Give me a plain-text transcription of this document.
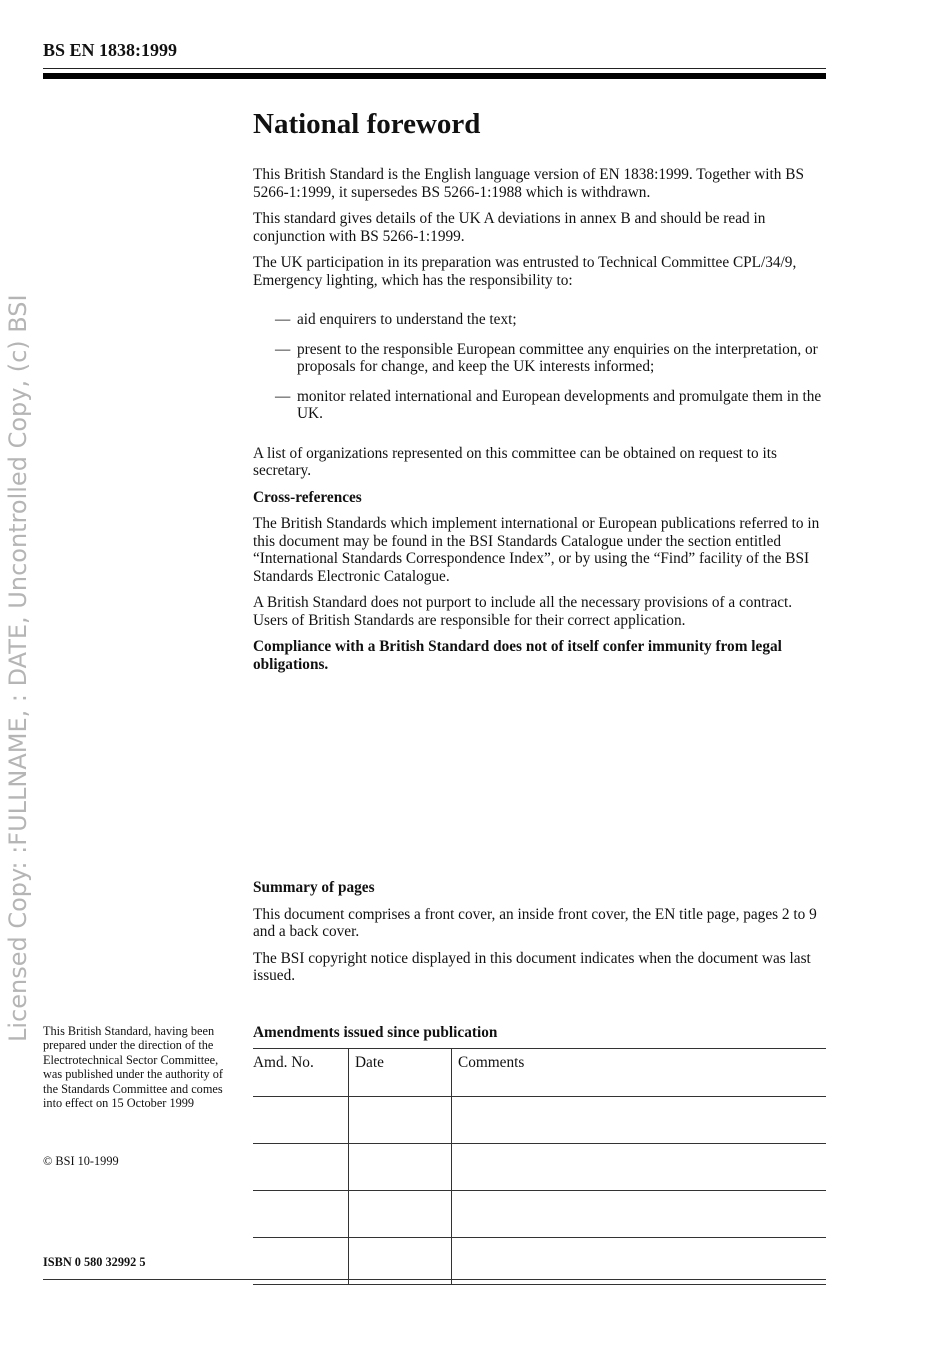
BS EN 1838:1999
Licensed Copy: :FULLNAME, : DATE, Uncontrolled Copy, (c) BSI
National foreword

This British Standard is the English language version of EN 1838:1999. Together with BS 5266-1:1999, it supersedes BS 5266-1:1988 which is withdrawn.

This standard gives details of the UK A deviations in annex B and should be read in conjunction with BS 5266-1:1999.

The UK participation in its preparation was entrusted to Technical Committee CPL/34/9, Emergency lighting, which has the responsibility to:

— aid enquirers to understand the text;
— present to the responsible European committee any enquiries on the interpretation, or proposals for change, and keep the UK interests informed;
— monitor related international and European developments and promulgate them in the UK.

A list of organizations represented on this committee can be obtained on request to its secretary.

Cross-references

The British Standards which implement international or European publications referred to in this document may be found in the BSI Standards Catalogue under the section entitled “International Standards Correspondence Index”, or by using the “Find” facility of the BSI Standards Electronic Catalogue.

A British Standard does not purport to include all the necessary provisions of a contract. Users of British Standards are responsible for their correct application.

Compliance with a British Standard does not of itself confer immunity from legal obligations.

Summary of pages

This document comprises a front cover, an inside front cover, the EN title page, pages 2 to 9 and a back cover.

The BSI copyright notice displayed in this document indicates when the document was last issued.

This British Standard, having been prepared under the direction of the Electrotechnical Sector Committee, was published under the authority of the Standards Committee and comes into effect on 15 October 1999
© BSI 10-1999
ISBN 0 580 32992 5
Amendments issued since publication
Amd. No.	Date	Comments
